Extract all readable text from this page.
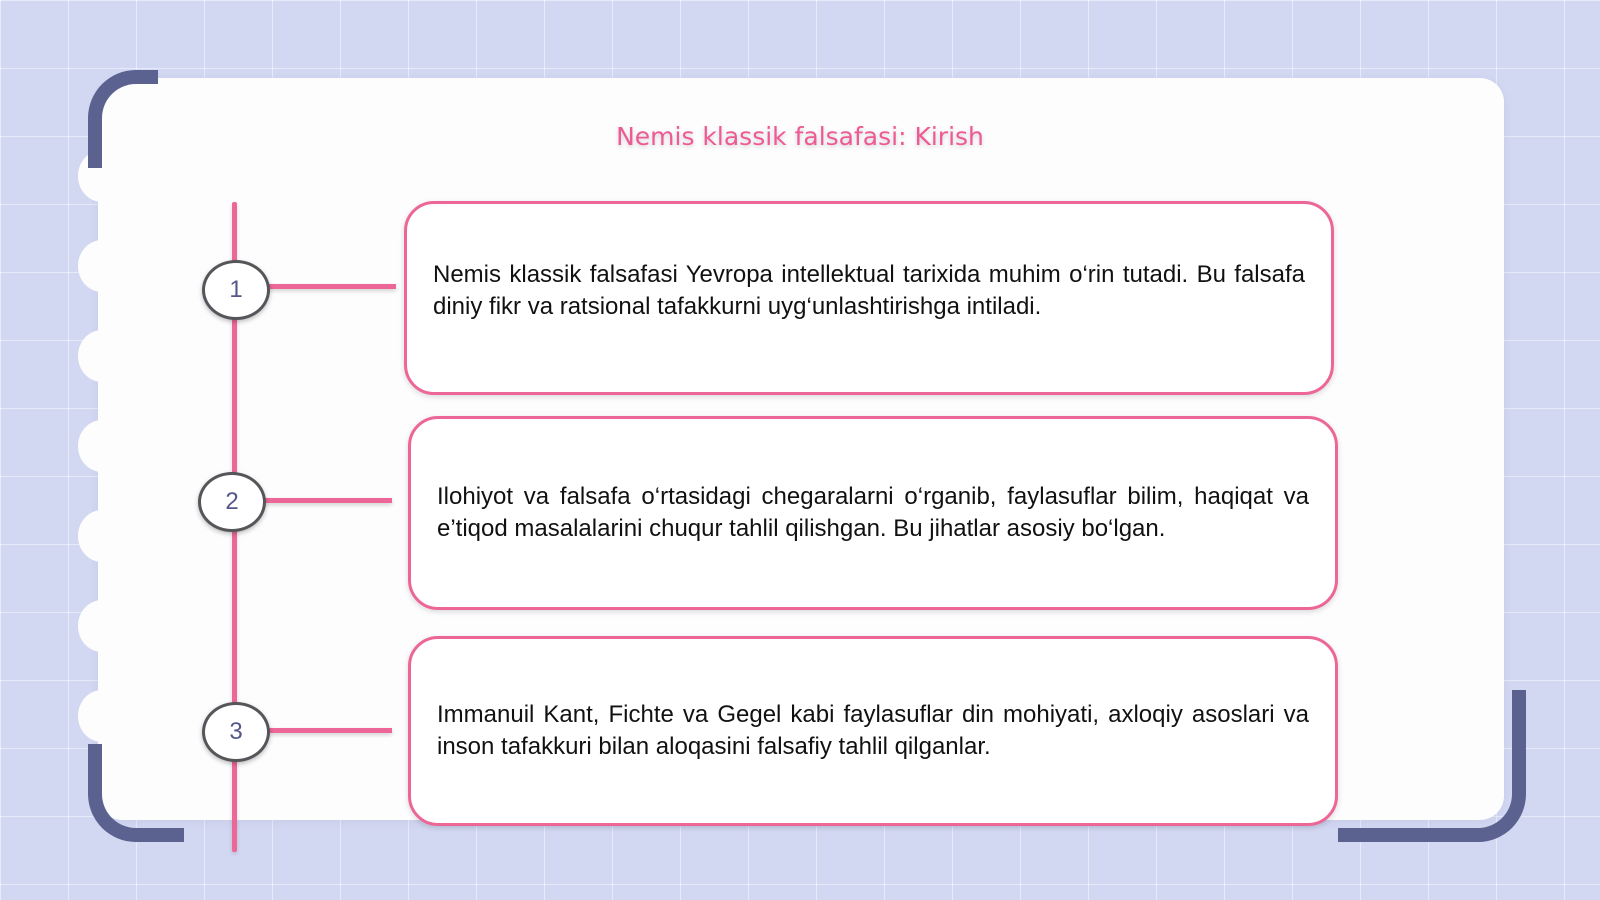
Nemis klassik falsafasi: Kirish
1
2
3

Nemis klassik falsafasi Yevropa intellektual tarixida muhim o‘rin tutadi. Bu falsafa diniy fikr va ratsional tafakkurni uyg‘unlashtirishga intiladi.

Ilohiyot va falsafa o‘rtasidagi chegaralarni o‘rganib, faylasuflar bilim, haqiqat va e’tiqod masalalarini chuqur tahlil qilishgan. Bu jihatlar asosiy bo‘lgan.

Immanuil Kant, Fichte va Gegel kabi faylasuflar din mohiyati, axloqiy asoslari va inson tafakkuri bilan aloqasini falsafiy tahlil qilganlar.
